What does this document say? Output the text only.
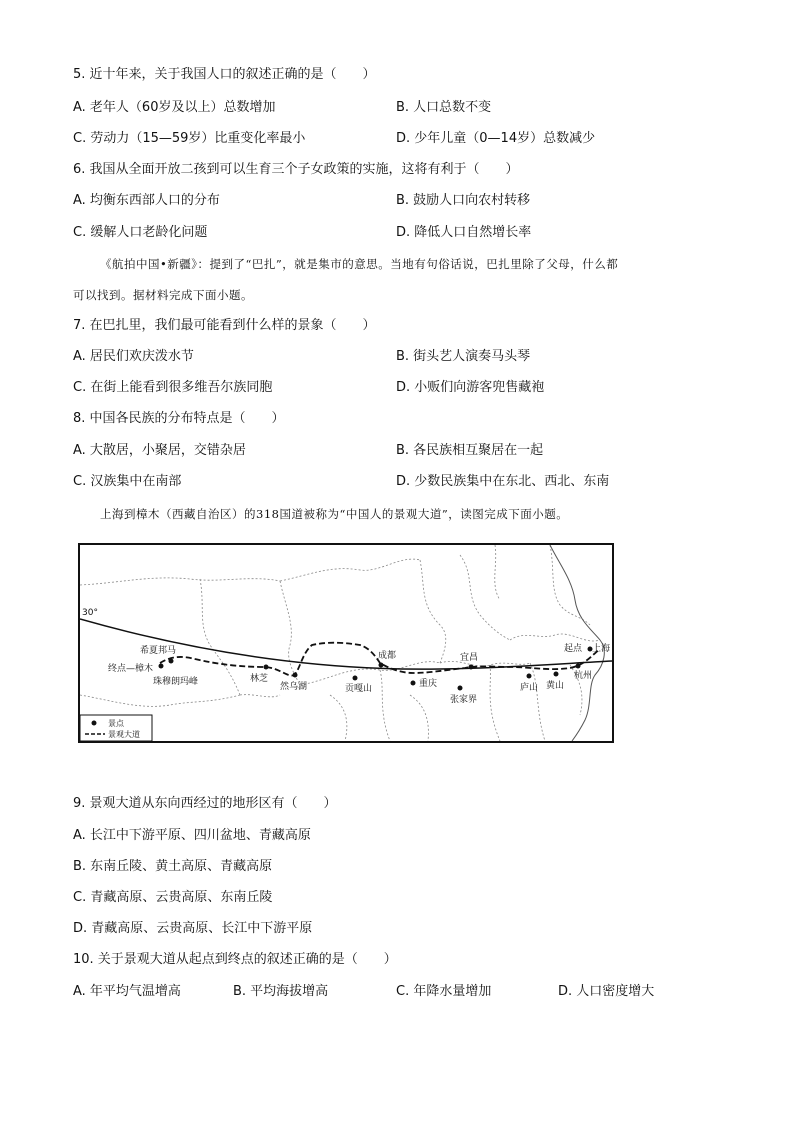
5. 近十年来，关于我国人口的叙述正确的是（　　）
A. 老年人（60岁及以上）总数增加	B. 人口总数不变
C. 劳动力（15—59岁）比重变化率最小	D. 少年儿童（0—14岁）总数减少
6. 我国从全面开放二孩到可以生育三个子女政策的实施，这将有利于（　　）
A. 均衡东西部人口的分布	B. 鼓励人口向农村转移
C. 缓解人口老龄化问题	D. 降低人口自然增长率
《航拍中国•新疆》：提到了“巴扎”，就是集市的意思。当地有句俗话说，巴扎里除了父母，什么都
可以找到。据材料完成下面小题。
7. 在巴扎里，我们最可能看到什么样的景象（　　）
A. 居民们欢庆泼水节	B. 街头艺人演奏马头琴
C. 在街上能看到很多维吾尔族同胞	D. 小贩们向游客兜售藏袍
8. 中国各民族的分布特点是（　　）
A. 大散居，小聚居，交错杂居	B. 各民族相互聚居在一起
C. 汉族集中在南部	D. 少数民族集中在东北、西北、东南
上海到樟木（西藏自治区）的318国道被称为“中国人的景观大道”，读图完成下面小题。
30°
希夏邦马
终点—樟木
珠穆朗玛峰	林芝
然乌湖
成都
贡嘎山	重庆
宜昌
张家界
庐山 黄山
杭州
起点 上海
景点
景观大道
9. 景观大道从东向西经过的地形区有（　　）
A. 长江中下游平原、四川盆地、青藏高原
B. 东南丘陵、黄土高原、青藏高原
C. 青藏高原、云贵高原、东南丘陵
D. 青藏高原、云贵高原、长江中下游平原
10. 关于景观大道从起点到终点的叙述正确的是（　　）
A. 年平均气温增高	B. 平均海拔增高	C. 年降水量增加	D. 人口密度增大
